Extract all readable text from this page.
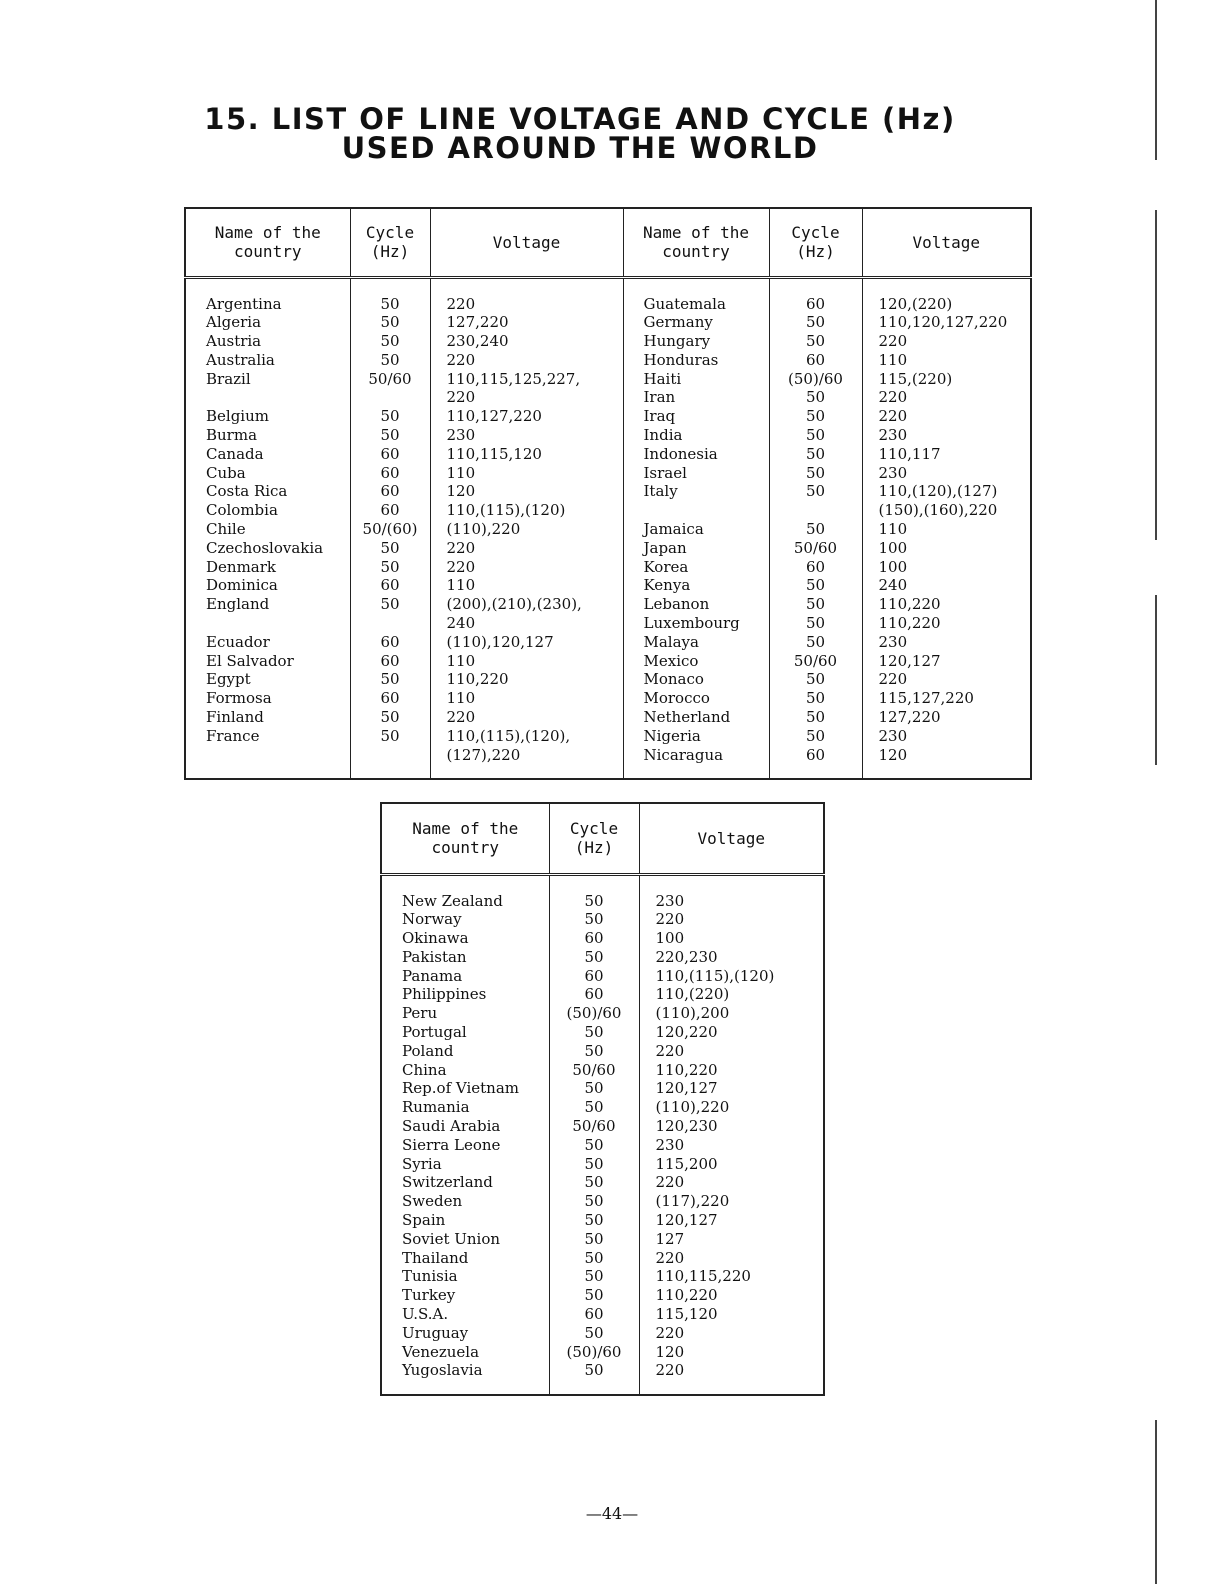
15. LIST OF LINE VOLTAGE AND CYCLE (Hz)
USED AROUND THE WORLD
Name of the country	Cycle (Hz)	Voltage	Name of the country	Cycle (Hz)	Voltage
Argentina	50	220	Guatemala	60	120,(220)
Algeria	50	127,220	Germany	50	110,120,127,220
Austria	50	230,240	Hungary	50	220
Australia	50	220	Honduras	60	110
Brazil	50/60	110,115,125,227,	Haiti	(50)/60	115,(220)
		220	Iran	50	220
Belgium	50	110,127,220	Iraq	50	220
Burma	50	230	India	50	230
Canada	60	110,115,120	Indonesia	50	110,117
Cuba	60	110	Israel	50	230
Costa Rica	60	120	Italy	50	110,(120),(127)
Colombia	60	110,(115),(120)			(150),(160),220
Chile	50/(60)	(110),220	Jamaica	50	110
Czechoslovakia	50	220	Japan	50/60	100
Denmark	50	220	Korea	60	100
Dominica	60	110	Kenya	50	240
England	50	(200),(210),(230),	Lebanon	50	110,220
		240	Luxembourg	50	110,220
Ecuador	60	(110),120,127	Malaya	50	230
El Salvador	60	110	Mexico	50/60	120,127
Egypt	50	110,220	Monaco	50	220
Formosa	60	110	Morocco	50	115,127,220
Finland	50	220	Netherland	50	127,220
France	50	110,(115),(120),	Nigeria	50	230
		(127),220	Nicaragua	60	120
Name of the country	Cycle (Hz)	Voltage
New Zealand	50	230
Norway	50	220
Okinawa	60	100
Pakistan	50	220,230
Panama	60	110,(115),(120)
Philippines	60	110,(220)
Peru	(50)/60	(110),200
Portugal	50	120,220
Poland	50	220
China	50/60	110,220
Rep.of Vietnam	50	120,127
Rumania	50	(110),220
Saudi Arabia	50/60	120,230
Sierra Leone	50	230
Syria	50	115,200
Switzerland	50	220
Sweden	50	(117),220
Spain	50	120,127
Soviet Union	50	127
Thailand	50	220
Tunisia	50	110,115,220
Turkey	50	110,220
U.S.A.	60	115,120
Uruguay	50	220
Venezuela	(50)/60	120
Yugoslavia	50	220
—44—
